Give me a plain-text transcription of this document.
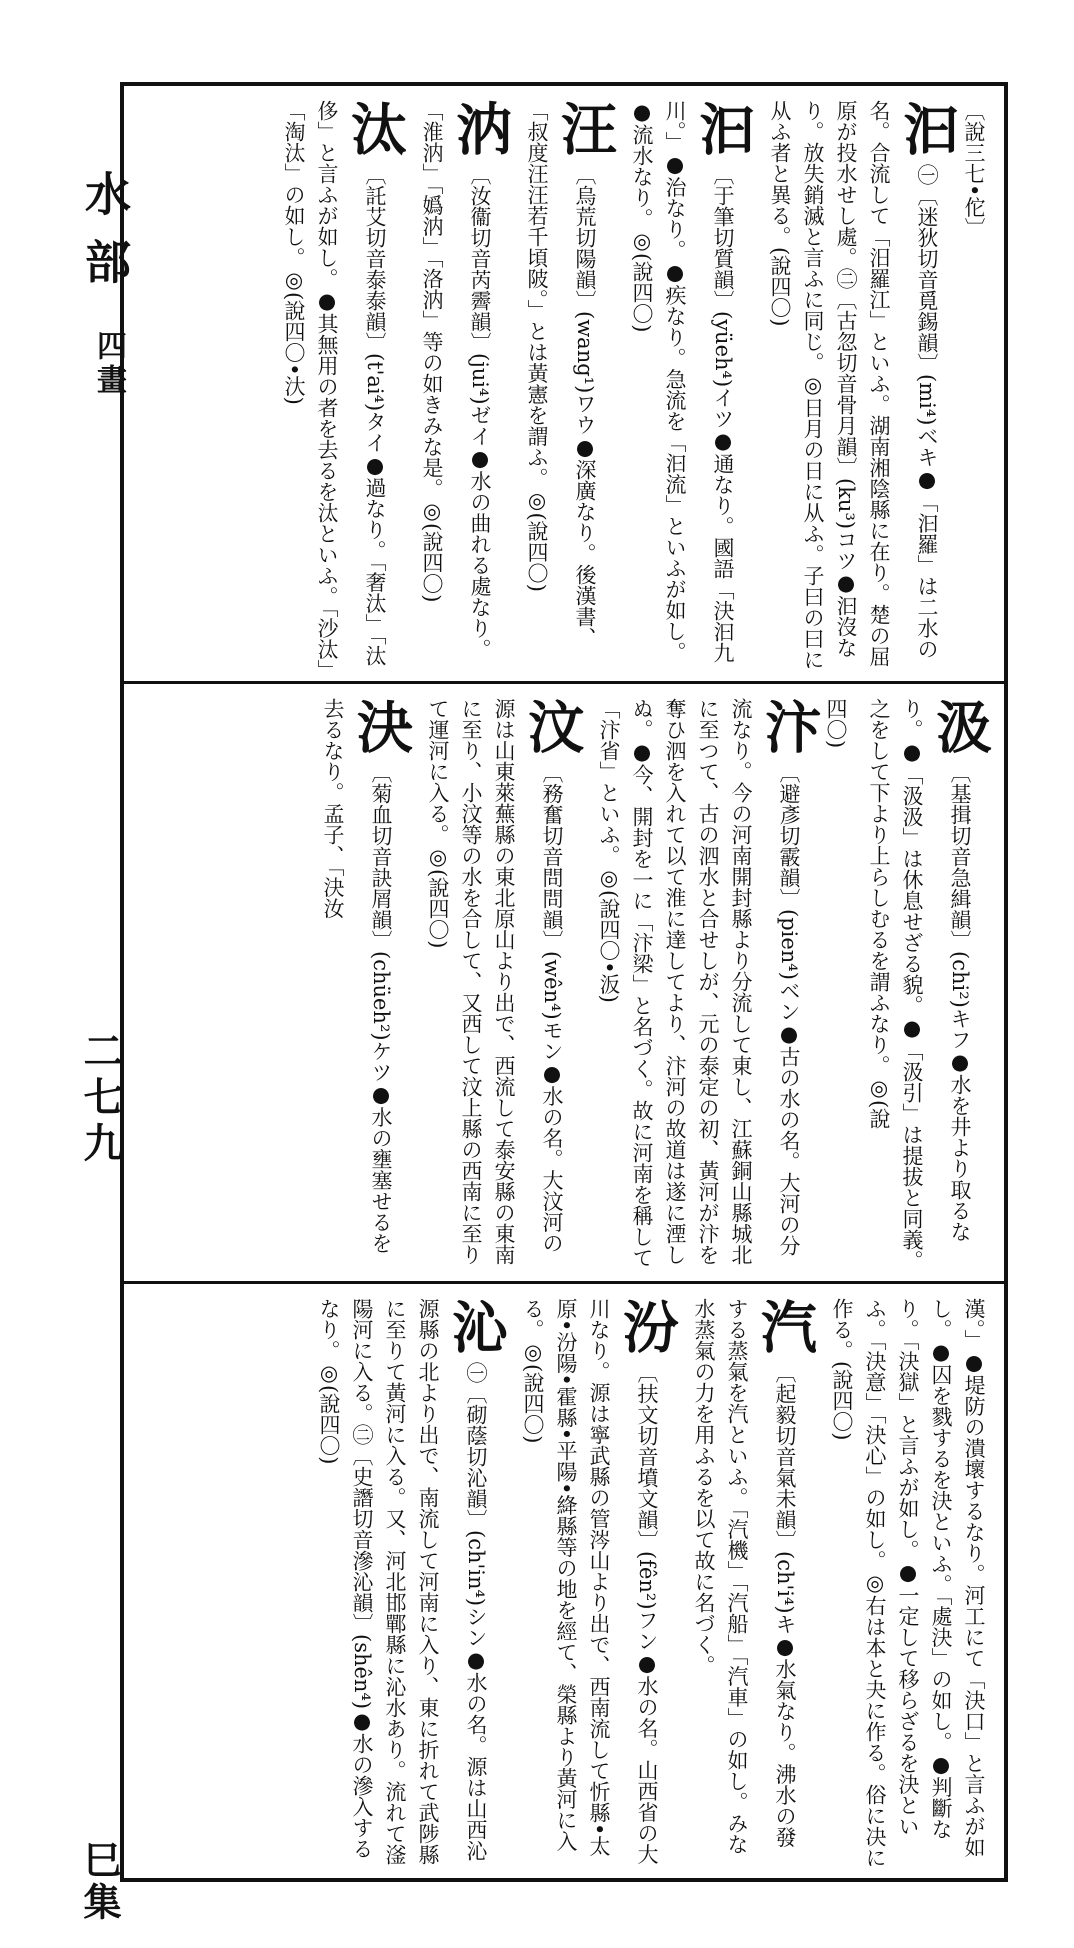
水部
四畫
二七九
巳集
〔說三七•佗〕
汩㊀〔迷狄切音覓錫韻〕(mi⁴)ベキ●「汩羅」は二水の名。合流して「汨羅江」といふ。湖南湘陰縣に在り。楚の屈原が投水せし處。㊁〔古忽切音骨月韻〕(ku³)コツ●汩沒なり。放失銷滅と言ふに同じ。◎日月の日に从ふ。子曰の曰に从ふ者と異る。(說四〇)
汩〔于筆切質韻〕(yüeh⁴)イツ●通なり。國語「決汩九川。」●治なり。●疾なり。急流を「汩流」といふが如し。●流水なり。◎(說四〇)
汪〔烏荒切陽韻〕(wang¹)ワウ●深廣なり。後漢書、「叔度汪汪若千頃陂。」とは黃憲を謂ふ。◎(說四〇)
汭〔汝衞切音芮霽韻〕(jui⁴)ゼイ●水の曲れる處なり。「淮汭」「嬀汭」「洛汭」等の如きみな是。◎(說四〇)
汰〔託艾切音泰泰韻〕(t'ai⁴)タイ●過なり。「奢汰」「汰侈」と言ふが如し。●其無用の者を去るを汰といふ。「沙汰」「淘汰」の如し。◎(說四〇•汏)
汲〔基揖切音急緝韻〕(chi²)キフ●水を井より取るなり。●「汲汲」は休息せざる貌。●「汲引」は提拔と同義。之をして下より上らしむるを謂ふなり。◎(說
四〇)
汴〔避彥切霰韻〕(pien⁴)ベン●古の水の名。大河の分流なり。今の河南開封縣より分流して東し、江蘇銅山縣城北に至つて、古の泗水と合せしが、元の泰定の初、黃河が汴を奪ひ泗を入れて以て淮に達してより、汴河の故道は遂に湮しぬ。●今、開封を一に「汴梁」と名づく。故に河南を稱して「汴省」といふ。◎(說四〇•汳)
汶〔務奮切音問問韻〕(wên⁴)モン●水の名。大汶河の源は山東萊蕪縣の東北原山より出で、西流して泰安縣の東南に至り、小汶等の水を合して、又西して汶上縣の西南に至りて運河に入る。◎(說四〇)
決〔菊血切音訣屑韻〕(chüeh²)ケツ●水の壅塞せるを去るなり。孟子、「決汝
漢。」●堤防の潰壞するなり。河工にて「決口」と言ふが如し。●囚を戮するを決といふ。「處決」の如し。●判斷なり。「決獄」と言ふが如し。●一定して移らざるを決といふ。「決意」「決心」の如し。◎右は本と夬に作る。俗に决に作る。(說四〇)
汽〔起毅切音氣未韻〕(ch'i⁴)キ●水氣なり。沸水の發する蒸氣を汽といふ。「汽機」「汽船」「汽車」の如し。みな水蒸氣の力を用ふるを以て故に名づく。
汾〔扶文切音墳文韻〕(fên²)フン●水の名。山西省の大川なり。源は寧武縣の管涔山より出で、西南流して忻縣•太原•汾陽•霍縣•平陽•絳縣等の地を經て、榮縣より黃河に入る。◎(說四〇)
沁㊀〔砌蔭切沁韻〕(ch'in⁴)シン●水の名。源は山西沁源縣の北より出で、南流して河南に入り、東に折れて武陟縣に至りて黃河に入る。又、河北邯鄲縣に沁水あり。流れて滏陽河に入る。㊁〔史譖切音滲沁韻〕(shên⁴)●水の滲入するなり。◎(說四〇)
